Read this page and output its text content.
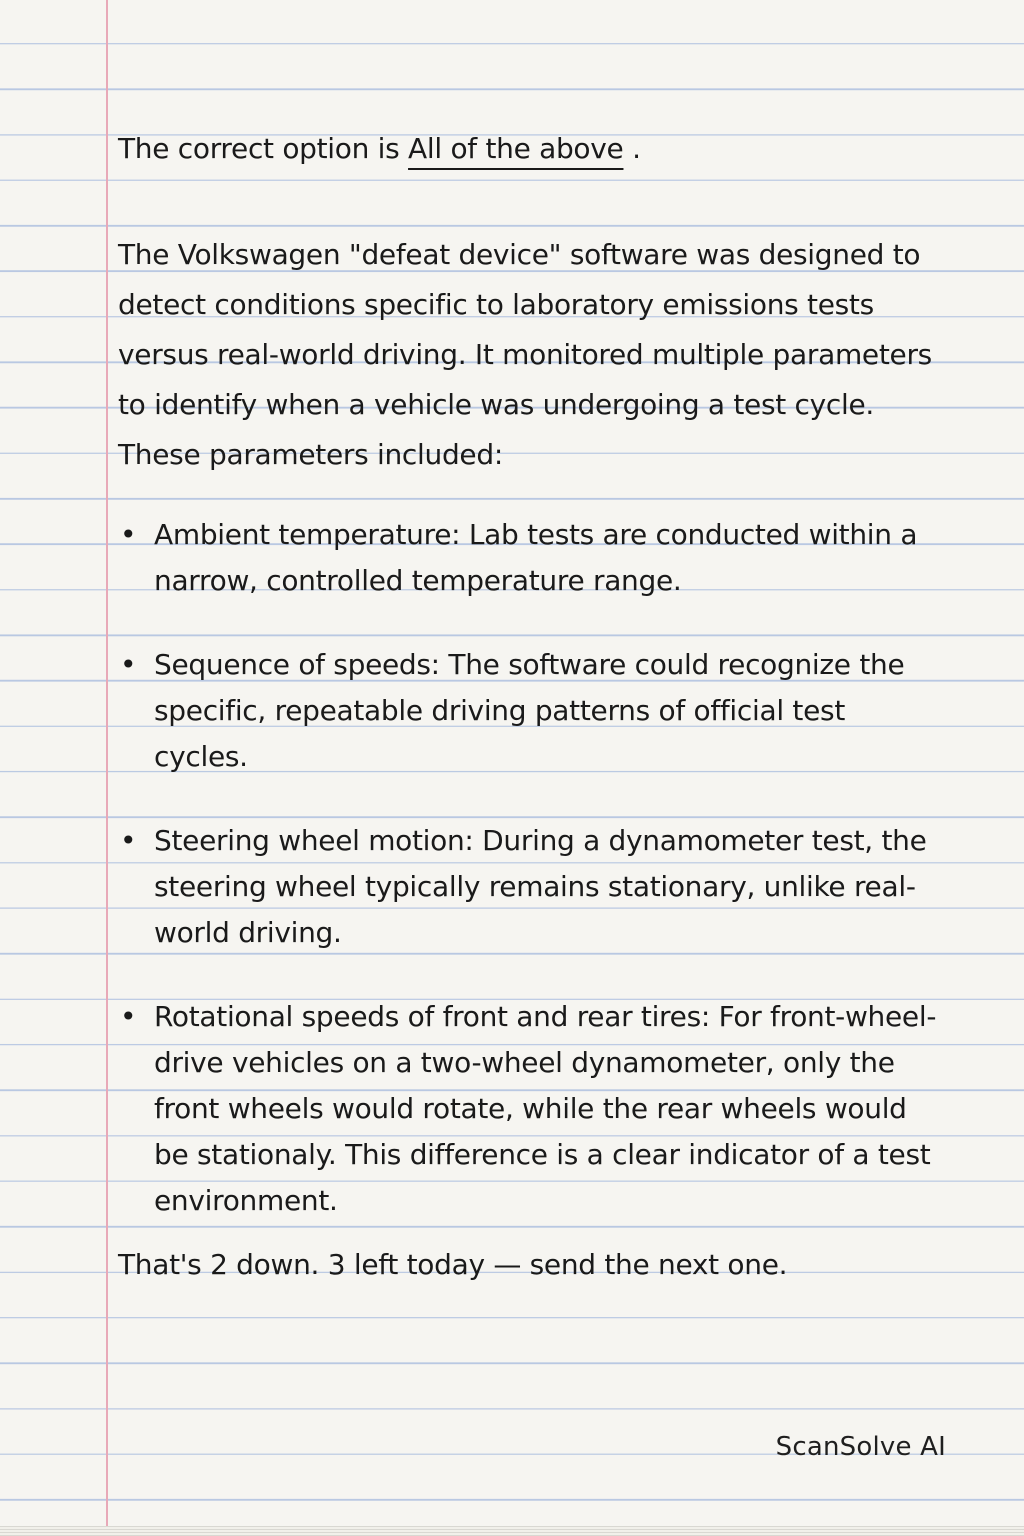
The correct option is All of the above .
The Volkswagen "defeat device" software was designed to detect conditions specific to laboratory emissions tests versus real-world driving. It monitored multiple parameters to identify when a vehicle was undergoing a test cycle. These parameters included:
• Ambient temperature: Lab tests are conducted within a narrow, controlled temperature range.
• Sequence of speeds: The software could recognize the specific, repeatable driving patterns of official test cycles.
• Steering wheel motion: During a dynamometer test, the steering wheel typically remains stationary, unlike real-world driving.
• Rotational speeds of front and rear tires: For front-wheel-drive vehicles on a two-wheel dynamometer, only the front wheels would rotate, while the rear wheels would be stationaly. This difference is a clear indicator of a test environment.
That's 2 down. 3 left today — send the next one.
ScanSolve AI
